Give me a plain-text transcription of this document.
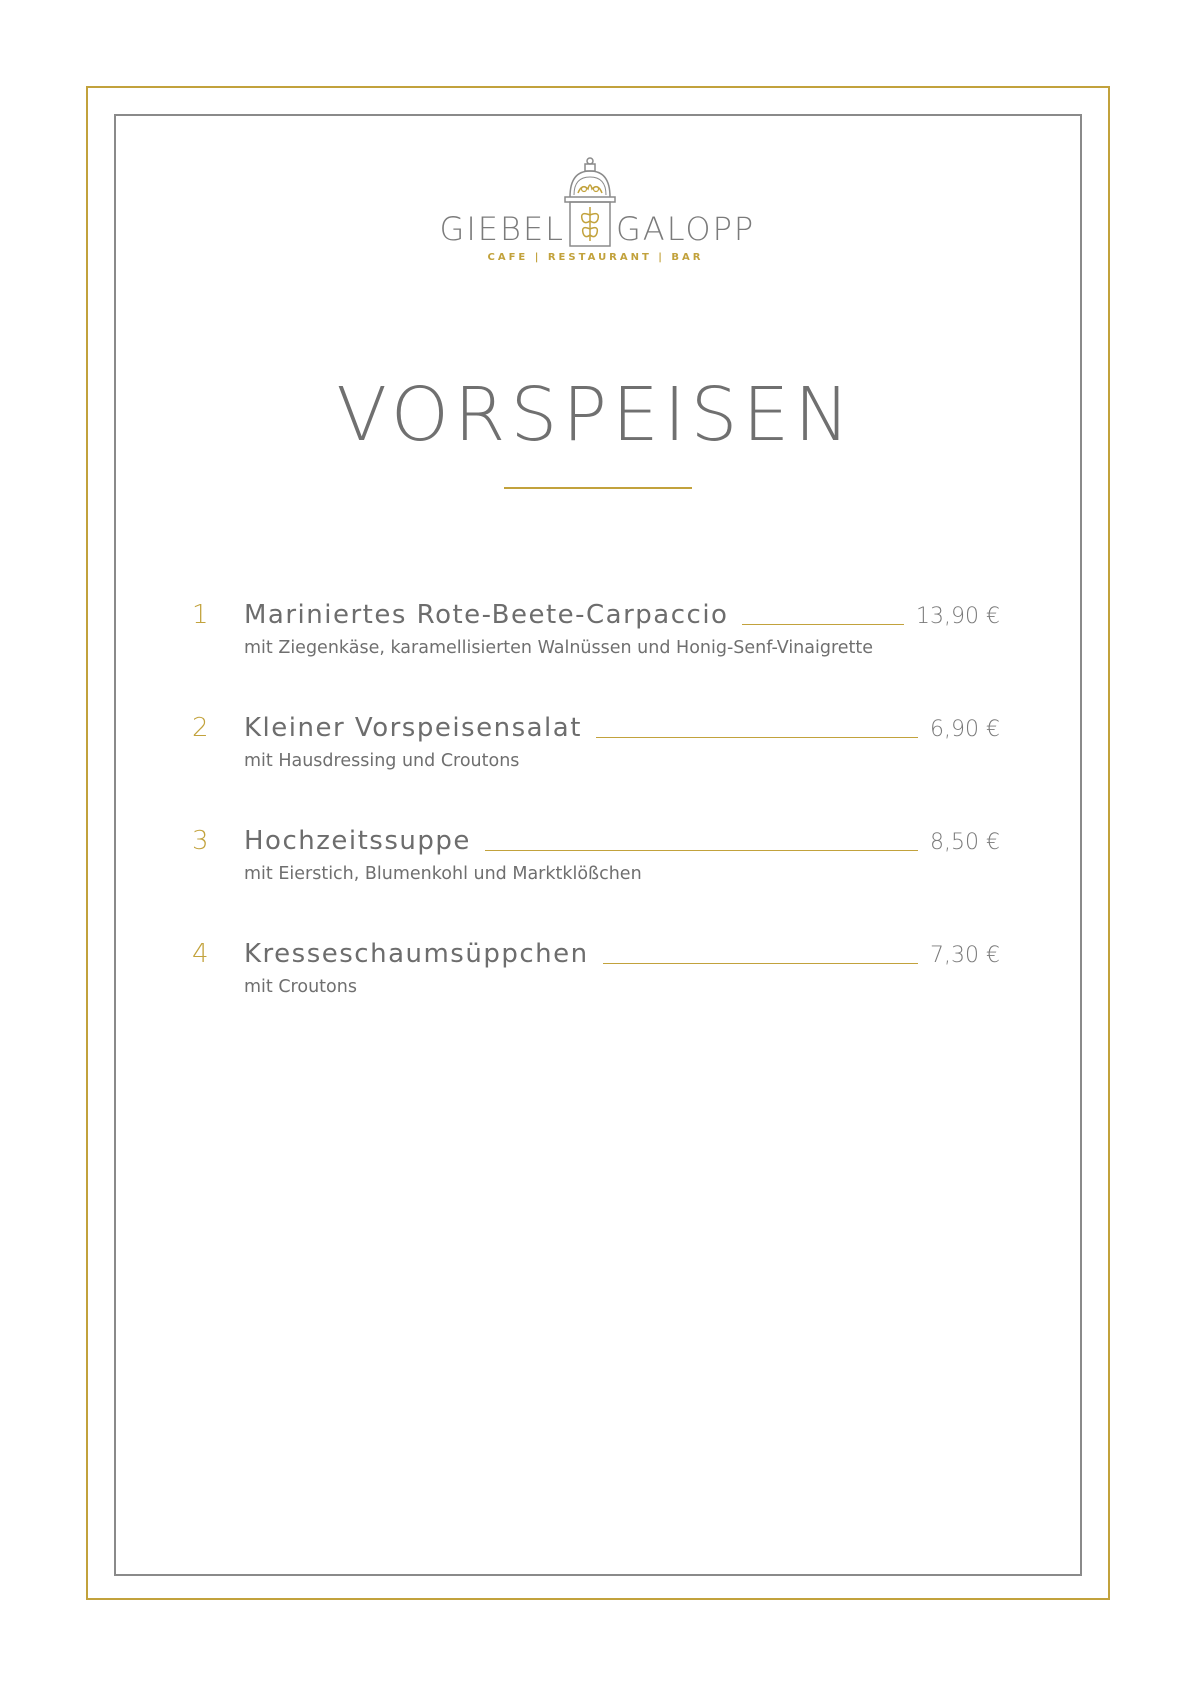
GIEBEL GALOPP
CAFE | RESTAURANT | BAR
VORSPEISEN
1 Mariniertes Rote-Beete-Carpaccio	13,90 €
mit Ziegenkäse, karamellisierten Walnüssen und Honig-Senf-Vinaigrette
2 Kleiner Vorspeisensalat	6,90 €
mit Hausdressing und Croutons
3 Hochzeitssuppe	8,50 €
mit Eierstich, Blumenkohl und Marktklößchen
4 Kresseschaumsüppchen	7,30 €
mit Croutons
